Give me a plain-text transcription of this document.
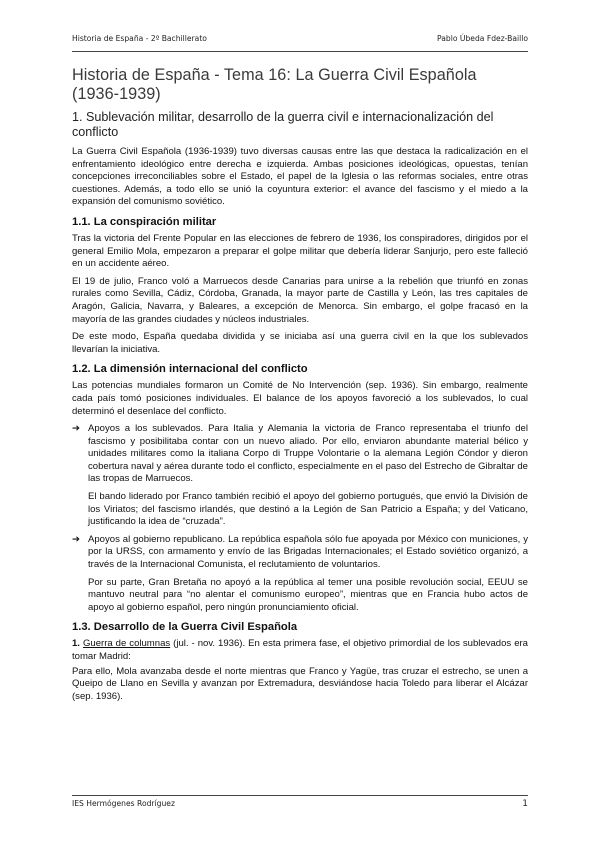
Historia de España - 2º Bachillerato	Pablo Úbeda Fdez-Baillo
Historia de España - Tema 16: La Guerra Civil Española (1936-1939)
1. Sublevación militar, desarrollo de la guerra civil e internacionalización del conflicto

La Guerra Civil Española (1936-1939) tuvo diversas causas entre las que destaca la radicalización en el enfrentamiento ideológico entre derecha e izquierda. Ambas posiciones ideológicas, opuestas, tenían concepciones irreconciliables sobre el Estado, el papel de la Iglesia o las reformas sociales, entre otras cuestiones. Además, a todo ello se unió la coyuntura exterior: el avance del fascismo y el miedo a la expansión del comunismo soviético.

1.1. La conspiración militar

Tras la victoria del Frente Popular en las elecciones de febrero de 1936, los conspiradores, dirigidos por el general Emilio Mola, empezaron a preparar el golpe militar que debería liderar Sanjurjo, pero este falleció en un accidente aéreo.

El 19 de julio, Franco voló a Marruecos desde Canarias para unirse a la rebelión que triunfó en zonas rurales como Sevilla, Cádiz, Córdoba, Granada, la mayor parte de Castilla y León, las tres capitales de Aragón, Galicia, Navarra, y Baleares, a excepción de Menorca. Sin embargo, el golpe fracasó en la mayoría de las grandes ciudades y núcleos industriales.

De este modo, España quedaba dividida y se iniciaba así una guerra civil en la que los sublevados llevarían la iniciativa.

1.2. La dimensión internacional del conflicto

Las potencias mundiales formaron un Comité de No Intervención (sep. 1936). Sin embargo, realmente cada país tomó posiciones individuales. El balance de los apoyos favoreció a los sublevados, lo cual determinó el desenlace del conflicto.

➔ Apoyos a los sublevados. Para Italia y Alemania la victoria de Franco representaba el triunfo del fascismo y posibilitaba contar con un nuevo aliado. Por ello, enviaron abundante material bélico y unidades militares como la italiana Corpo di Truppe Volontarie o la alemana Legión Cóndor y dieron cobertura naval y aérea durante todo el conflicto, especialmente en el paso del Estrecho de Gibraltar de las tropas de Marruecos.

El bando liderado por Franco también recibió el apoyo del gobierno portugués, que envió la División de los Viriatos; del fascismo irlandés, que destinó a la Legión de San Patricio a España; y del Vaticano, justificando la idea de “cruzada”.

➔ Apoyos al gobierno republicano. La república española sólo fue apoyada por México con municiones, y por la URSS, con armamento y envío de las Brigadas Internacionales; el Estado soviético organizó, a través de la Internacional Comunista, el reclutamiento de voluntarios.

Por su parte, Gran Bretaña no apoyó a la república al temer una posible revolución social, EEUU se mantuvo neutral para “no alentar el comunismo europeo”, mientras que en Francia hubo actos de apoyo al gobierno español, pero ningún pronunciamiento oficial.

1.3. Desarrollo de la Guerra Civil Española

1. Guerra de columnas (jul. - nov. 1936). En esta primera fase, el objetivo primordial de los sublevados era tomar Madrid:

Para ello, Mola avanzaba desde el norte mientras que Franco y Yagüe, tras cruzar el estrecho, se unen a Queipo de Llano en Sevilla y avanzan por Extremadura, desviándose hacia Toledo para liberar el Alcázar (sep. 1936).

IES Hermógenes Rodríguez	1
